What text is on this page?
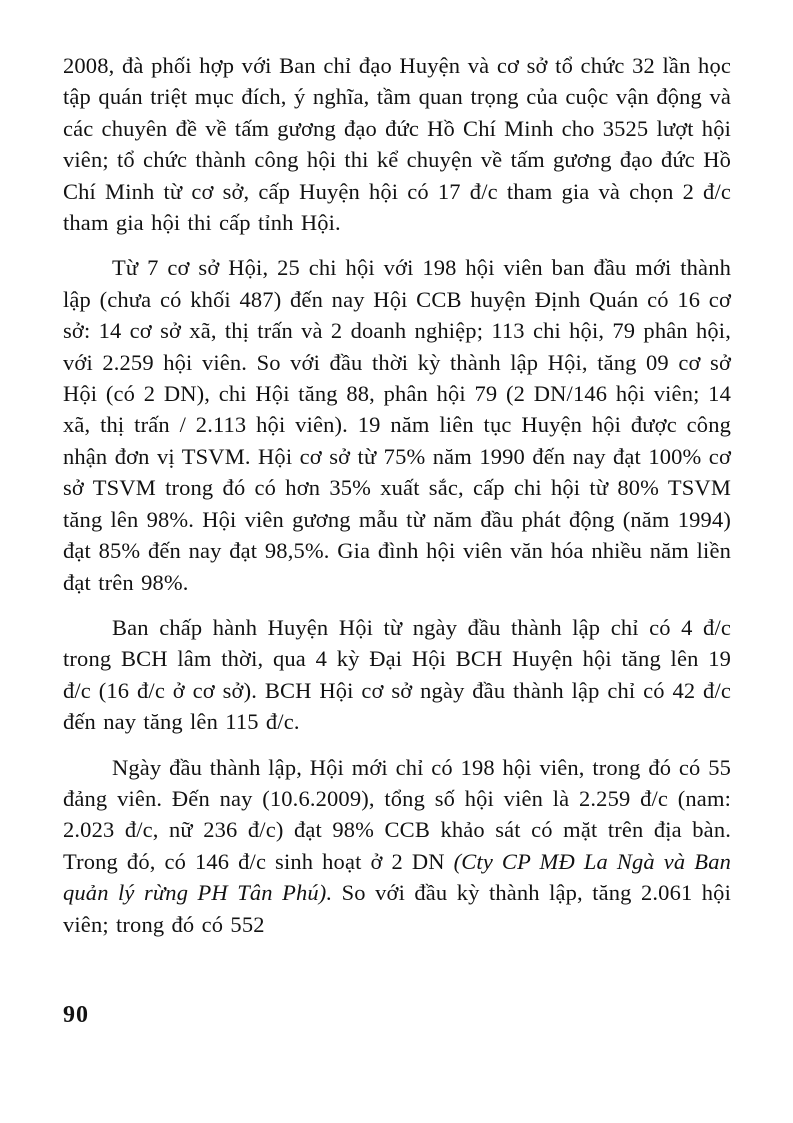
2008, đà phối hợp với Ban chỉ đạo Huyện và cơ sở tổ chức 32 lần học tập quán triệt mục đích, ý nghĩa, tầm quan trọng của cuộc vận động và các chuyên đề về tấm gương đạo đức Hồ Chí Minh cho 3525 lượt hội viên; tổ chức thành công hội thi kể chuyện về tấm gương đạo đức Hồ Chí Minh từ cơ sở, cấp Huyện hội có 17 đ/c tham gia và chọn 2 đ/c tham gia hội thi cấp tỉnh Hội.

Từ 7 cơ sở Hội, 25 chi hội với 198 hội viên ban đầu mới thành lập (chưa có khối 487) đến nay Hội CCB huyện Định Quán có 16 cơ sở: 14 cơ sở xã, thị trấn và 2 doanh nghiệp; 113 chi hội, 79 phân hội, với 2.259 hội viên. So với đầu thời kỳ thành lập Hội, tăng 09 cơ sở Hội (có 2 DN), chi Hội tăng 88, phân hội 79 (2 DN/146 hội viên; 14 xã, thị trấn / 2.113 hội viên). 19 năm liên tục Huyện hội được công nhận đơn vị TSVM. Hội cơ sở từ 75% năm 1990 đến nay đạt 100% cơ sở TSVM trong đó có hơn 35% xuất sắc, cấp chi hội từ 80% TSVM tăng lên 98%. Hội viên gương mẫu từ năm đầu phát động (năm 1994) đạt 85% đến nay đạt 98,5%. Gia đình hội viên văn hóa nhiều năm liền đạt trên 98%.

Ban chấp hành Huyện Hội từ ngày đầu thành lập chỉ có 4 đ/c trong BCH lâm thời, qua 4 kỳ Đại Hội BCH Huyện hội tăng lên 19 đ/c (16 đ/c ở cơ sở). BCH Hội cơ sở ngày đầu thành lập chỉ có 42 đ/c đến nay tăng lên 115 đ/c.

Ngày đầu thành lập, Hội mới chỉ có 198 hội viên, trong đó có 55 đảng viên. Đến nay (10.6.2009), tổng số hội viên là 2.259 đ/c (nam: 2.023 đ/c, nữ 236 đ/c) đạt 98% CCB khảo sát có mặt trên địa bàn. Trong đó, có 146 đ/c sinh hoạt ở 2 DN (Cty CP MĐ La Ngà và Ban quản lý rừng PH Tân Phú). So với đầu kỳ thành lập, tăng 2.061 hội viên; trong đó có 552

90
